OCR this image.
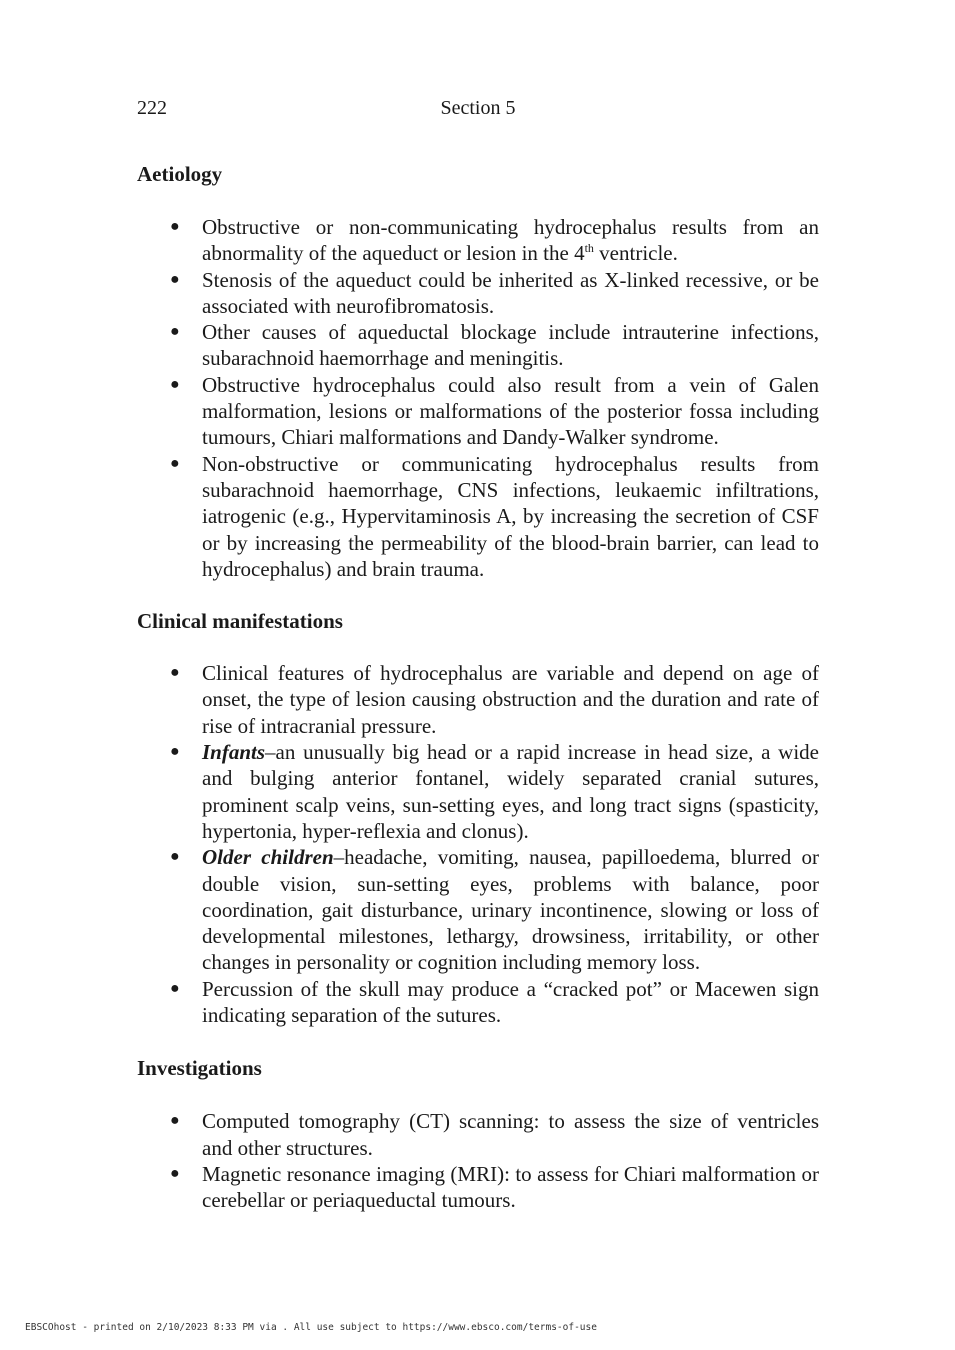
222	Section 5
Aetiology
● Obstructive or non-communicating hydrocephalus results from an abnormality of the aqueduct or lesion in the 4th ventricle.
● Stenosis of the aqueduct could be inherited as X-linked recessive, or be associated with neurofibromatosis.
● Other causes of aqueductal blockage include intrauterine infections, subarachnoid haemorrhage and meningitis.
● Obstructive hydrocephalus could also result from a vein of Galen malformation, lesions or malformations of the posterior fossa including tumours, Chiari malformations and Dandy-Walker syndrome.
● Non-obstructive or communicating hydrocephalus results from subarachnoid haemorrhage, CNS infections, leukaemic infiltrations, iatrogenic (e.g., Hypervitaminosis A, by increasing the secretion of CSF or by increasing the permeability of the blood-brain barrier, can lead to hydrocephalus) and brain trauma.
Clinical manifestations
● Clinical features of hydrocephalus are variable and depend on age of onset, the type of lesion causing obstruction and the duration and rate of rise of intracranial pressure.
● Infants–an unusually big head or a rapid increase in head size, a wide and bulging anterior fontanel, widely separated cranial sutures, prominent scalp veins, sun-setting eyes, and long tract signs (spasticity, hypertonia, hyper-reflexia and clonus).
● Older children–headache, vomiting, nausea, papilloedema, blurred or double vision, sun-setting eyes, problems with balance, poor coordination, gait disturbance, urinary incontinence, slowing or loss of developmental milestones, lethargy, drowsiness, irritability, or other changes in personality or cognition including memory loss.
● Percussion of the skull may produce a “cracked pot” or Macewen sign indicating separation of the sutures.
Investigations
● Computed tomography (CT) scanning: to assess the size of ventricles and other structures.
● Magnetic resonance imaging (MRI): to assess for Chiari malformation or cerebellar or periaqueductal tumours.
EBSCOhost - printed on 2/10/2023 8:33 PM via . All use subject to https://www.ebsco.com/terms-of-use
